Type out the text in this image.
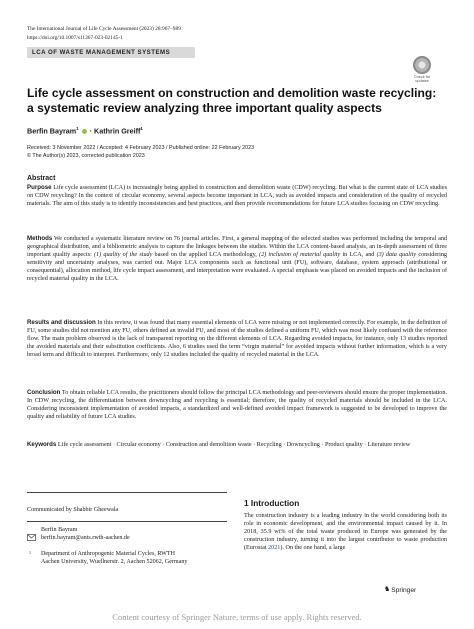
The International Journal of Life Cycle Assessment (2023) 28:967–989
https://doi.org/10.1007/s11367-023-02145-1
LCA OF WASTE MANAGEMENT SYSTEMS
Check for updates
Life cycle assessment on construction and demolition waste recycling:
a systematic review analyzing three important quality aspects
Berfin Bayram$^1$  · Kathrin Greiff$^1$
Received: 3 November 2022 / Accepted: 4 February 2023 / Published online: 22 February 2023
© The Author(s) 2023, corrected publication 2023
Abstract
Purpose Life cycle assessment (LCA) is increasingly being applied to construction and demolition waste (CDW) recycling. But what is the current state of LCA studies on CDW recycling? In the context of circular economy, several aspects become important in LCA, such as avoided impacts and consideration of the quality of recycled materials. The aim of this study is to identify inconsistencies and best practices, and then provide recommendations for future LCA studies focusing on CDW recycling.
Methods We conducted a systematic literature review on 76 journal articles. First, a general mapping of the selected studies was performed including the temporal and geographical distribution, and a bibliometric analysis to capture the linkages between the studies. Within the LCA content-based analysis, an in-depth assessment of three important quality aspects: (1) quality of the study based on the applied LCA methodology, (2) inclusion of material quality in LCA, and (3) data quality considering sensitivity and uncertainty analyses, was carried out. Major LCA components such as functional unit (FU), software, database, system approach (attributional or consequential), allocation method, life cycle impact assessment, and interpretation were evaluated. A special emphasis was placed on avoided impacts and the inclusion of recycled material quality in the LCA.
Results and discussion In this review, it was found that many essential elements of LCA were missing or not implemented correctly. For example, in the definition of FU, some studies did not mention any FU, others defined an invalid FU, and most of the studies defined a uniform FU, which was most likely confused with the reference flow. The main problem observed is the lack of transparent reporting on the different elements of LCA. Regarding avoided impacts, for instance, only 13 studies reported the avoided materials and their substitution coefficients. Also, 6 studies used the term “virgin material” for avoided impacts without further information, which is a very broad term and difficult to interpret. Furthermore, only 12 studies included the quality of recycled material in the LCA.
Conclusion To obtain reliable LCA results, the practitioners should follow the principal LCA methodology and peer-reviewers should ensure the proper implementation. In CDW recycling, the differentiation between downcycling and recycling is essential; therefore, the quality of recycled materials should be included in the LCA. Considering inconsistent implementation of avoided impacts, a standardized and well-defined avoided impact framework is suggested to be developed to improve the quality and reliability of future LCA studies.
Keywords Life cycle assessment · Circular economy · Construction and demolition waste · Recycling · Downcycling · Product quality · Literature review
Communicated by Shabbir Gheewala
Berfin Bayram
berfin.bayram@ants.rwth-aachen.de
1	Department of Anthropogenic Material Cycles, RWTH
Aachen University, Wuellnerstr. 2, Aachen 52062, Germany
1 Introduction
The construction industry is a leading industry in the world considering both its role in economic development, and the environmental impact caused by it. In 2018, 35.9 wt% of the total waste produced in Europe was generated by the construction industry, turning it into the largest contributor to waste production (Eurostat 2021). On the one hand, a large
♞Springer
Content courtesy of Springer Nature, terms of use apply. Rights reserved.
